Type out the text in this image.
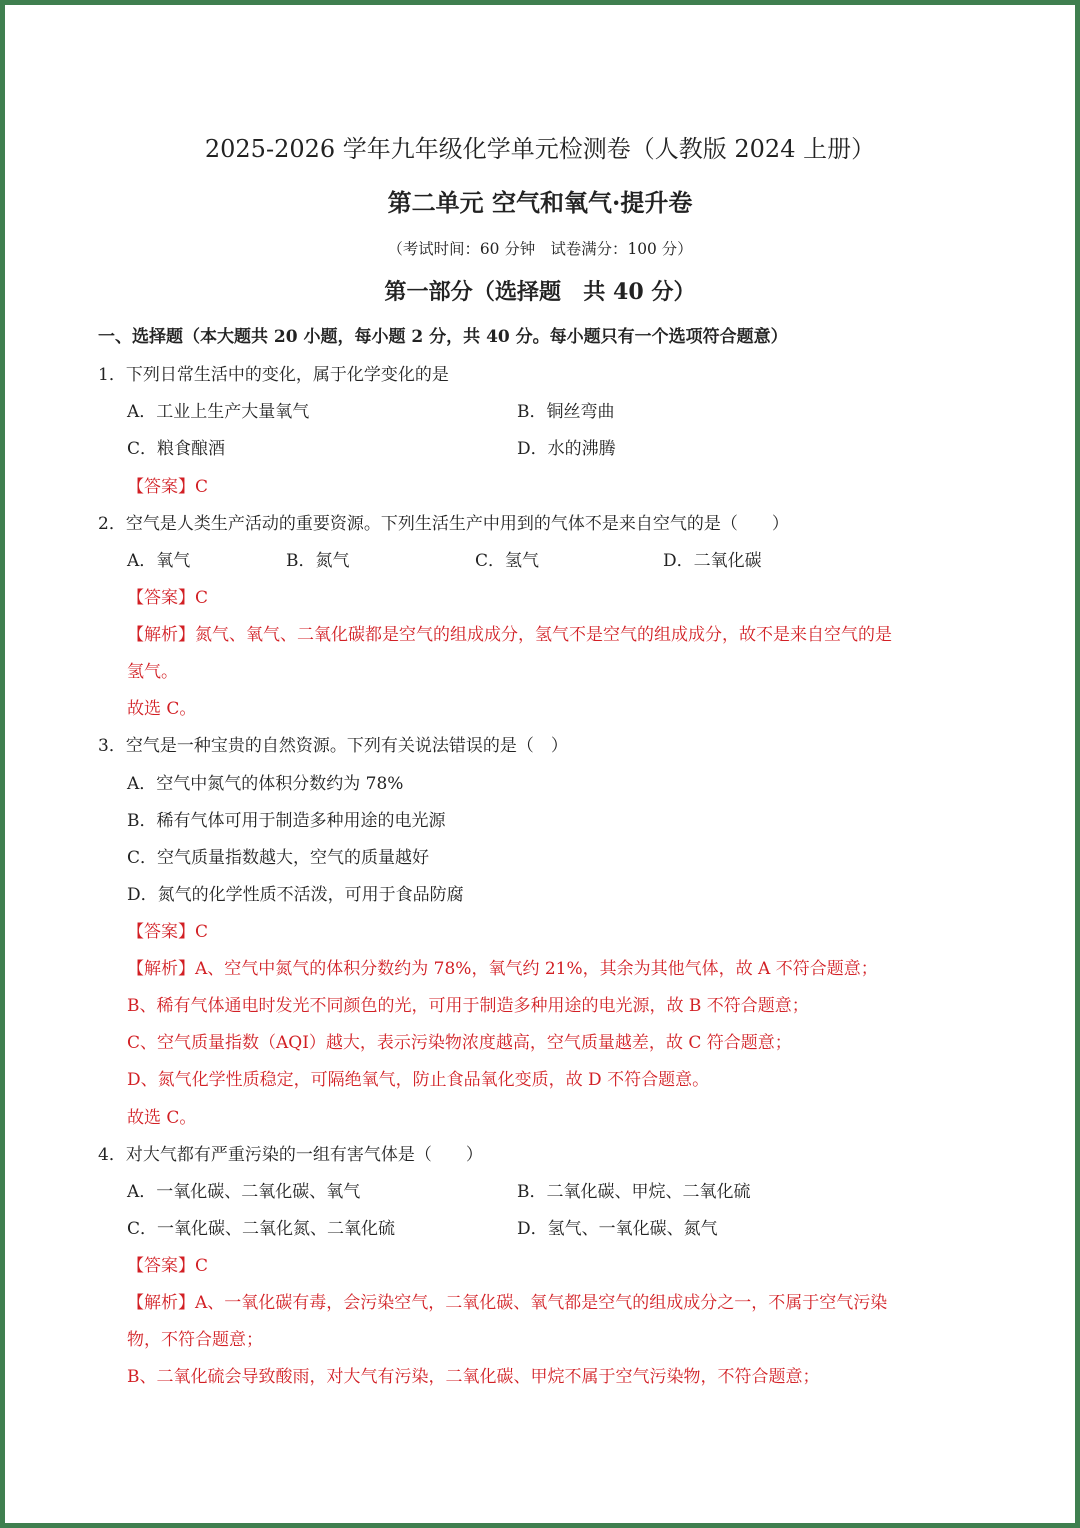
2025-2026 学年九年级化学单元检测卷（人教版 2024 上册）
第二单元 空气和氧气·提升卷
（考试时间：60 分钟　试卷满分：100 分）
第一部分（选择题　共 40 分）
一、选择题（本大题共 20 小题，每小题 2 分，共 40 分。每小题只有一个选项符合题意）
1．下列日常生活中的变化，属于化学变化的是
A．工业上生产大量氧气	B．铜丝弯曲
C．粮食酿酒	D．水的沸腾
【答案】C
2．空气是人类生产活动的重要资源。下列生活生产中用到的气体不是来自空气的是（　　）
A．氧气	B．氮气	C．氢气	D．二氧化碳
【答案】C
【解析】氮气、氧气、二氧化碳都是空气的组成成分，氢气不是空气的组成成分，故不是来自空气的是
氢气。
故选 C。
3．空气是一种宝贵的自然资源。下列有关说法错误的是（　）
A．空气中氮气的体积分数约为 78%
B．稀有气体可用于制造多种用途的电光源
C．空气质量指数越大，空气的质量越好
D．氮气的化学性质不活泼，可用于食品防腐
【答案】C
【解析】A、空气中氮气的体积分数约为 78%，氧气约 21%，其余为其他气体，故 A 不符合题意；
B、稀有气体通电时发光不同颜色的光，可用于制造多种用途的电光源，故 B 不符合题意；
C、空气质量指数（AQI）越大，表示污染物浓度越高，空气质量越差，故 C 符合题意；
D、氮气化学性质稳定，可隔绝氧气，防止食品氧化变质，故 D 不符合题意。
故选 C。
4．对大气都有严重污染的一组有害气体是（　　）
A．一氧化碳、二氧化碳、氧气	B．二氧化碳、甲烷、二氧化硫
C．一氧化碳、二氧化氮、二氧化硫	D．氢气、一氧化碳、氮气
【答案】C
【解析】A、一氧化碳有毒，会污染空气，二氧化碳、氧气都是空气的组成成分之一，不属于空气污染
物，不符合题意；
B、二氧化硫会导致酸雨，对大气有污染，二氧化碳、甲烷不属于空气污染物，不符合题意；
